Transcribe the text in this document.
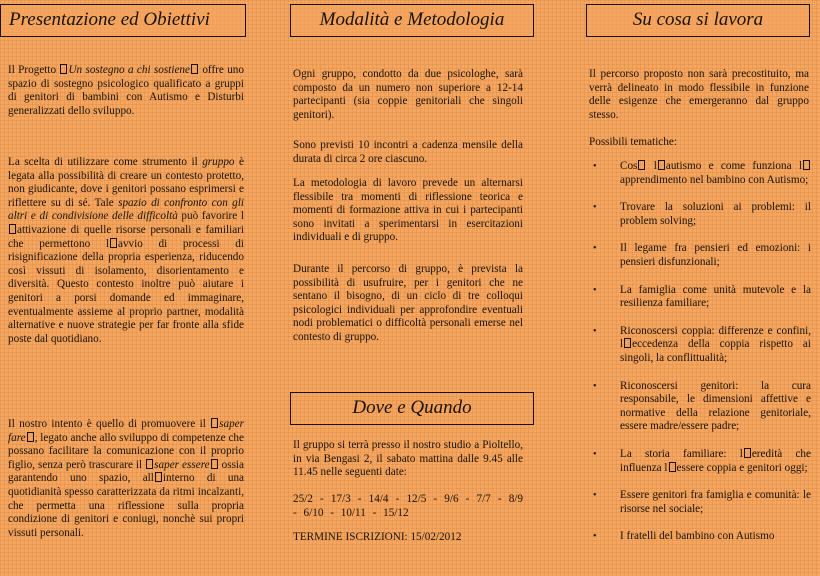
Presentazione ed Obiettivi
Il Progetto Un sostegno a chi sostiene offre uno spazio di sostegno psicologico qualificato a gruppi di genitori di bambini con Autismo e Disturbi generalizzati dello sviluppo.
La scelta di utilizzare come strumento il gruppo è legata alla possibilità di creare un contesto protetto, non giudicante, dove i genitori possano esprimersi e riflettere su di sé. Tale spazio di confronto con gli altri e di condivisione delle difficoltà può favorire lattivazione di quelle risorse personali e familiari che permettono l avvio di processi di risignificazione della propria esperienza, riducendo così vissuti di isolamento, disorientamento e diversità. Questo contesto inoltre può aiutare i genitori a porsi domande ed immaginare, eventualmente assieme al proprio partner, modalità alternative e nuove strategie per far fronte alla sfide poste dal quotidiano.
Il nostro intento è quello di promuovere il saper fare , legato anche allo sviluppo di competenze che possano facilitare la comunicazione con il proprio figlio, senza però trascurare il saper essere ossia garantendo uno spazio, all interno di una quotidianità spesso caratterizzata da ritmi incalzanti, che permetta una riflessione sulla propria condizione di genitori e coniugi, nonchè sui propri vissuti personali.
Modalità e Metodologia
Ogni gruppo, condotto da due psicologhe, sarà composto da un numero non superiore a 12-14 partecipanti (sia coppie genitoriali che singoli genitori).
Sono previsti 10 incontri a cadenza mensile della durata di circa 2 ore ciascuno.
La metodologia di lavoro prevede un alternarsi flessibile tra momenti di riflessione teorica e momenti di formazione attiva in cui i partecipanti sono invitati a sperimentarsi in esercitazioni individuali e di gruppo.
Durante il percorso di gruppo, è prevista la possibilità di usufruire, per i genitori che ne sentano il bisogno, di un ciclo di tre colloqui psicologici individuali per approfondire eventuali nodi problematici o difficoltà personali emerse nel contesto di gruppo.
Dove e Quando
Il gruppo si terrà presso il nostro studio a Pioltello, in via Bengasi 2, il sabato mattina dalle 9.45 alle 11.45 nelle seguenti date:
25/2 - 17/3 - 14/4 - 12/5 - 9/6 - 7/7 - 8/9 - 6/10 - 10/11 - 15/12
TERMINE ISCRIZIONI: 15/02/2012
Su cosa si lavora
Il percorso proposto non sarà precostituito, ma verrà delineato in modo flessibile in funzione delle esigenze che emergeranno dal gruppo stesso.
Possibili tematiche:
• Cos l autismo e come funziona lapprendimento nel bambino con Autismo;
• Trovare la soluzioni ai problemi: il problem solving;
• Il legame fra pensieri ed emozioni: i pensieri disfunzionali;
• La famiglia come unità mutevole e la resilienza familiare;
• Riconoscersi coppia: differenze e confini, l eccedenza della coppia rispetto ai singoli, la conflittualità;
• Riconoscersi genitori: la cura responsabile, le dimensioni affettive e normative della relazione genitoriale, essere madre/essere padre;
• La storia familiare: l eredità che influenza l essere coppia e genitori oggi;
• Essere genitori fra famiglia e comunità: le risorse nel sociale;
• I fratelli del bambino con Autismo
